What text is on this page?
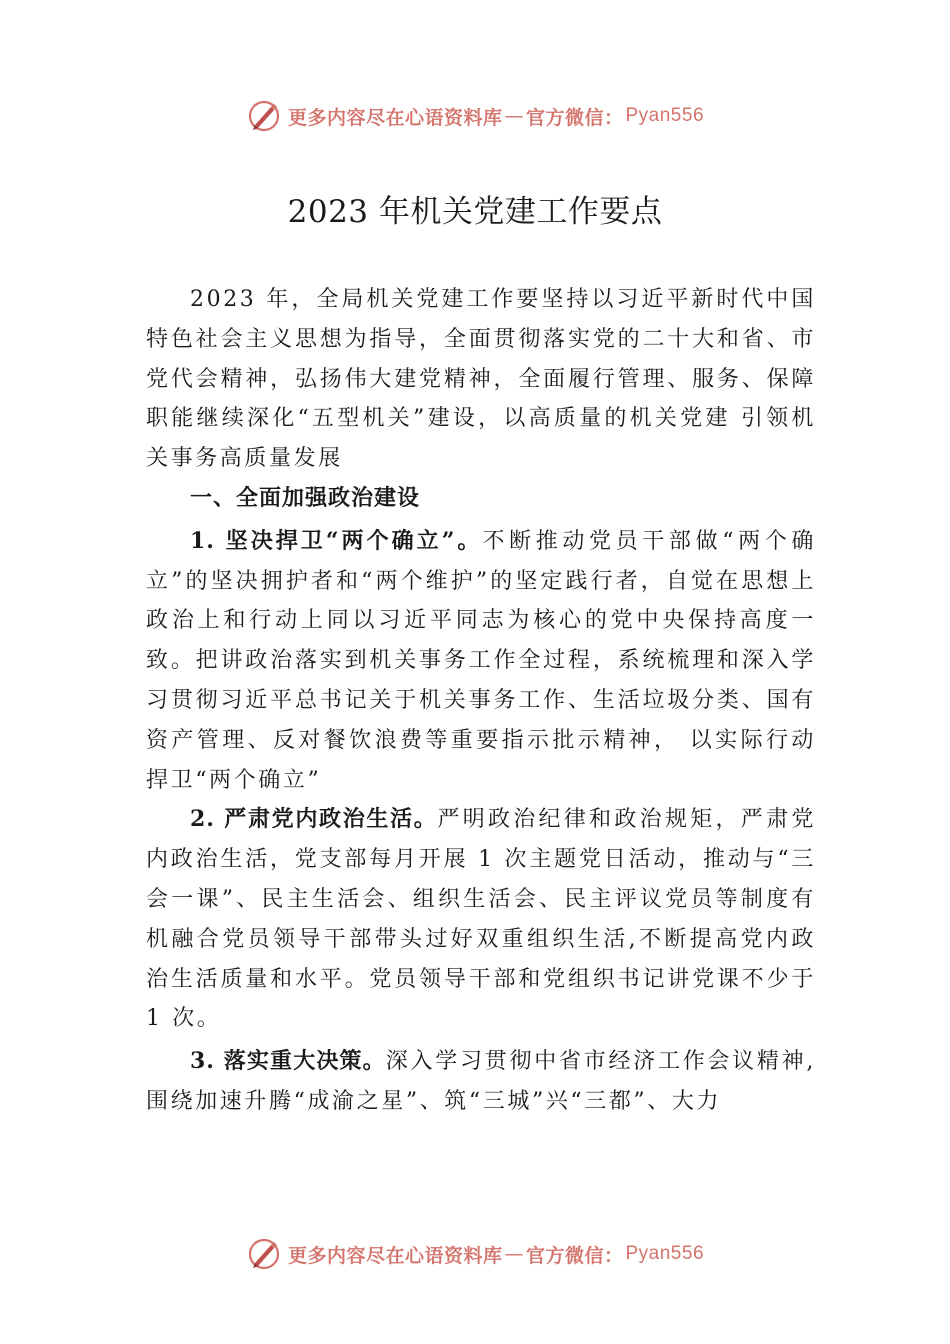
更多内容尽在心语资料库 — 官方微信： Pyan556
2023 年机关党建工作要点

2023 年，全局机关党建工作要坚持以习近平新时代中国特色社会主义思想为指导，全面贯彻落实党的二十大和省、市党代会精神，弘扬伟大建党精神，全面履行管理、服务、保障职能继续深化“五型机关”建设，以高质量的机关党建 引领机关事务高质量发展

一、全面加强政治建设

1. 坚决捍卫“两个确立”。不断推动党员干部做“两个确立”的坚决拥护者和“两个维护”的坚定践行者，自觉在思想上政治上和行动上同以习近平同志为核心的党中央保持高度一致。把讲政治落实到机关事务工作全过程，系统梳理和深入学习贯彻习近平总书记关于机关事务工作、生活垃圾分类、国有资产管理、反对餐饮浪费等重要指示批示精神， 以实际行动捍卫“两个确立”

2. 严肃党内政治生活。严明政治纪律和政治规矩，严肃党内政治生活，党支部每月开展 1 次主题党日活动，推动与“三会一课”、民主生活会、组织生活会、民主评议党员等制度有机融合党员领导干部带头过好双重组织生活,不断提高党内政治生活质量和水平。党员领导干部和党组织书记讲党课不少于 1 次。

3. 落实重大决策。深入学习贯彻中省市经济工作会议精神,围绕加速升腾“成渝之星”、筑“三城”兴“三都”、大力

更多内容尽在心语资料库 — 官方微信： Pyan556
